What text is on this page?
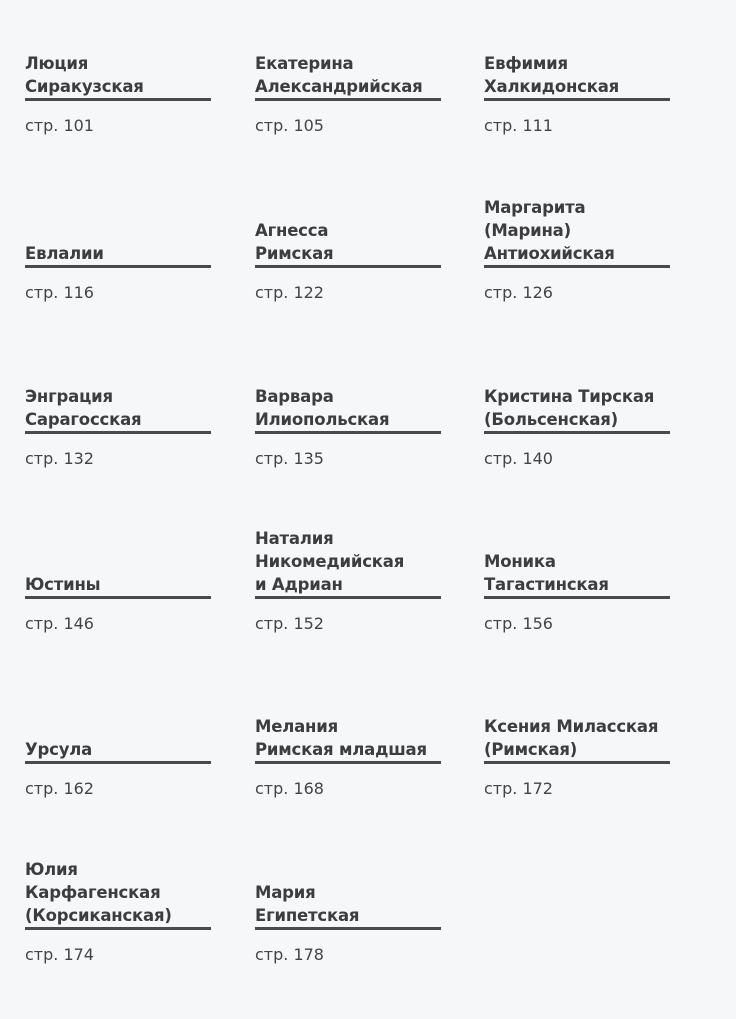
Люция
Сиракузская
стр. 101
Екатерина
Александрийская
стр. 105
Евфимия
Халкидонская
стр. 111
Евлалии
стр. 116
Агнесса
Римская
стр. 122
Маргарита
(Марина)
Антиохийская
стр. 126
Энграция
Сарагосская
стр. 132
Варвара
Илиопольская
стр. 135
Кристина Тирская
(Больсенская)
стр. 140
Юстины
стр. 146
Наталия
Никомедийская
и Адриан
стр. 152
Моника
Тагастинская
стр. 156
Урсула
стр. 162
Мелания
Римская младшая
стр. 168
Ксения Миласская
(Римская)
стр. 172
Юлия
Карфагенская
(Корсиканская)
стр. 174
Мария
Египетская
стр. 178
